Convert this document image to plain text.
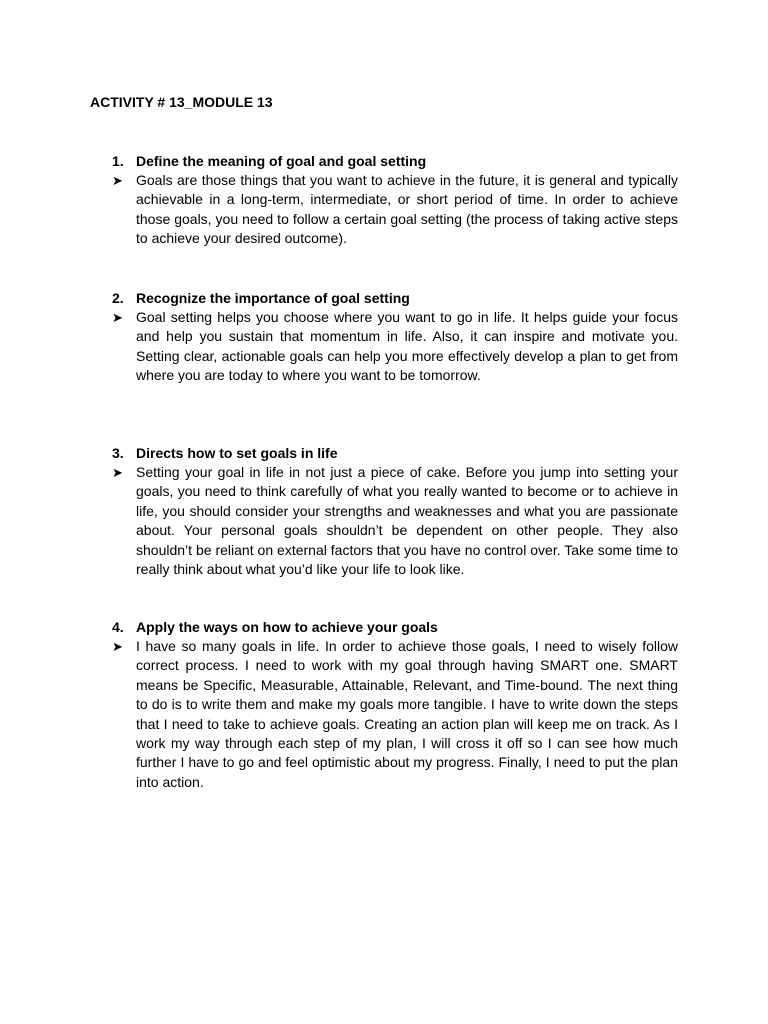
ACTIVITY # 13_MODULE 13
1. Define the meaning of goal and goal setting
➤ Goals are those things that you want to achieve in the future, it is general and typically achievable in a long-term, intermediate, or short period of time. In order to achieve those goals, you need to follow a certain goal setting (the process of taking active steps to achieve your desired outcome).
2. Recognize the importance of goal setting
➤ Goal setting helps you choose where you want to go in life. It helps guide your focus and help you sustain that momentum in life. Also, it can inspire and motivate you. Setting clear, actionable goals can help you more effectively develop a plan to get from where you are today to where you want to be tomorrow.
3. Directs how to set goals in life
➤ Setting your goal in life in not just a piece of cake. Before you jump into setting your goals, you need to think carefully of what you really wanted to become or to achieve in life, you should consider your strengths and weaknesses and what you are passionate about. Your personal goals shouldn’t be dependent on other people. They also shouldn’t be reliant on external factors that you have no control over. Take some time to really think about what you’d like your life to look like.
4. Apply the ways on how to achieve your goals
➤ I have so many goals in life. In order to achieve those goals, I need to wisely follow correct process. I need to work with my goal through having SMART one. SMART means be Specific, Measurable, Attainable, Relevant, and Time-bound. The next thing to do is to write them and make my goals more tangible. I have to write down the steps that I need to take to achieve goals. Creating an action plan will keep me on track. As I work my way through each step of my plan, I will cross it off so I can see how much further I have to go and feel optimistic about my progress. Finally, I need to put the plan into action.
